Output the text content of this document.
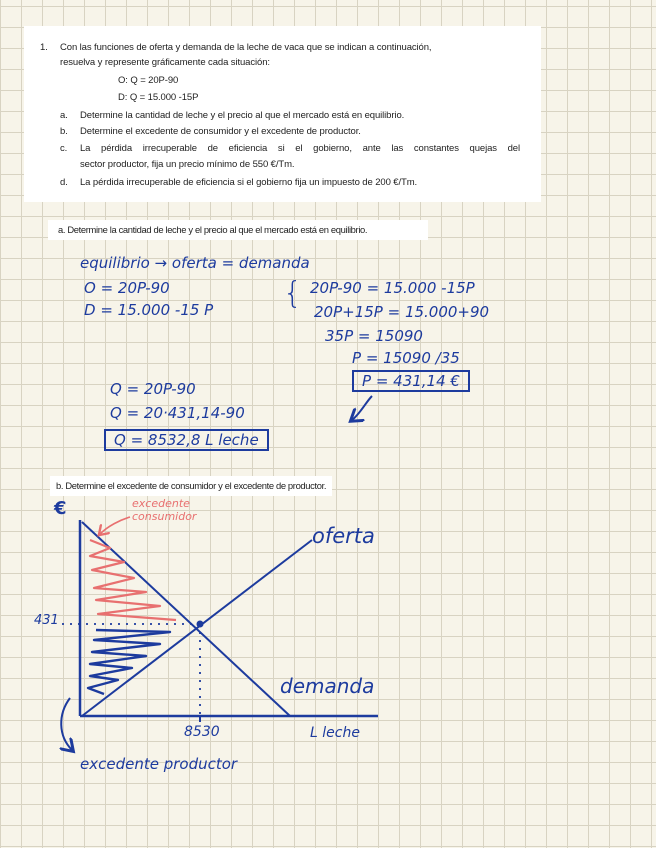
1. Con las funciones de oferta y demanda de la leche de vaca que se indican a continuación,
resuelva y represente gráficamente cada situación:
O: Q = 20P-90
D: Q = 15.000 -15P
a. Determine la cantidad de leche y el precio al que el mercado está en equilibrio.
b. Determine el excedente de consumidor y el excedente de productor.
c. La pérdida irrecuperable de eficiencia si el gobierno, ante las constantes quejas del
sector productor, fija un precio mínimo de 550 €/Tm.
d. La pérdida irrecuperable de eficiencia si el gobierno fija un impuesto de 200 €/Tm.
a. Determine la cantidad de leche y el precio al que el mercado está en equilibrio.
equilibrio → oferta = demanda
O = 20P-90
D = 15.000 -15 P { 20P-90 = 15.000 -15P
20P+15P = 15.000+90
35P = 15090
P = 15090 /35
P = 431,14 €
Q = 20P-90
Q = 20·431,14-90
Q = 8532,8 L leche
b. Determine el excedente de consumidor y el excedente de productor.
€
431
8530	L leche
oferta
demanda
excedente
consumidor
excedente productor
